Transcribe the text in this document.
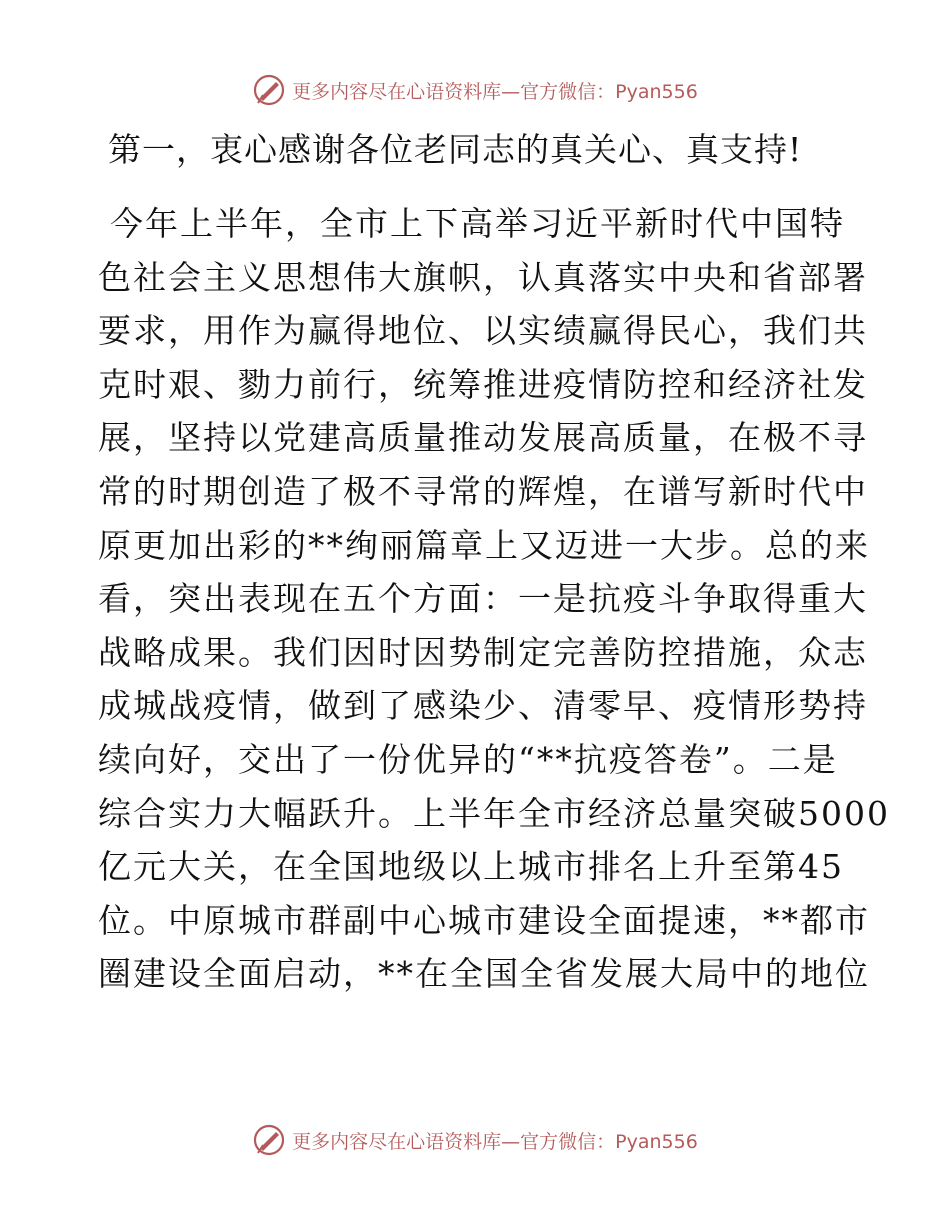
更多内容尽在心语资料库—官方微信：Pyan556
第一，衷心感谢各位老同志的真关心、真支持!
今年上半年，全市上下高举习近平新时代中国特
色社会主义思想伟大旗帜，认真落实中央和省部署
要求，用作为赢得地位、以实绩赢得民心，我们共
克时艰、勠力前行，统筹推进疫情防控和经济社发
展，坚持以党建高质量推动发展高质量，在极不寻
常的时期创造了极不寻常的辉煌，在谱写新时代中
原更加出彩的**绚丽篇章上又迈进一大步。总的来
看，突出表现在五个方面：一是抗疫斗争取得重大
战略成果。我们因时因势制定完善防控措施，众志
成城战疫情，做到了感染少、清零早、疫情形势持
续向好，交出了一份优异的“**抗疫答卷”。二是
综合实力大幅跃升。上半年全市经济总量突破5000
亿元大关，在全国地级以上城市排名上升至第45
位。中原城市群副中心城市建设全面提速，**都市
圈建设全面启动，**在全国全省发展大局中的地位
更多内容尽在心语资料库—官方微信：Pyan556
